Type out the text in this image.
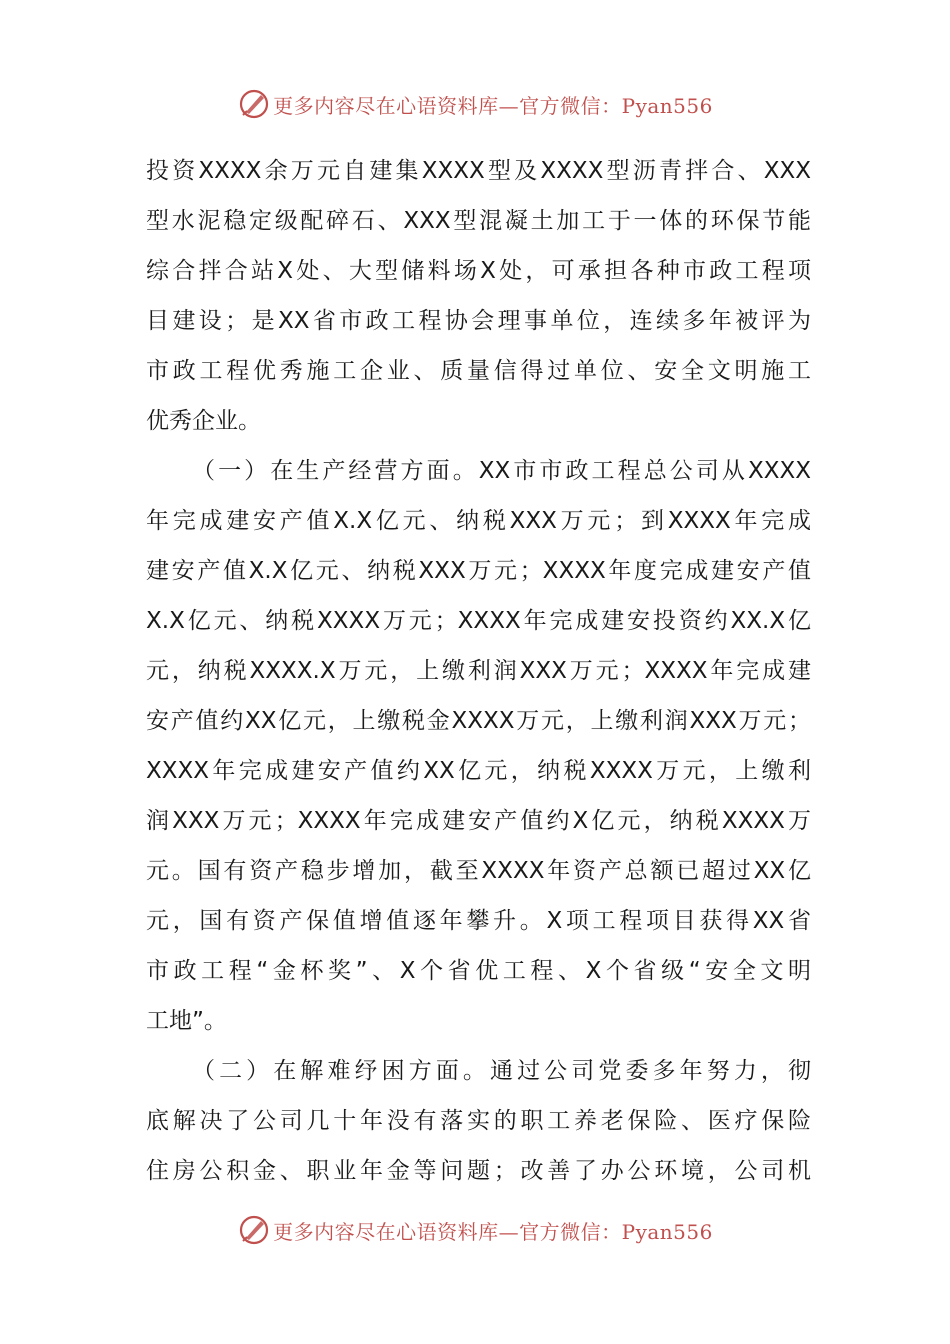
更多内容尽在心语资料库—官方微信：Pyan556
投资XXXX余万元自建集XXXX型及XXXX型沥青拌合、XXX
型水泥稳定级配碎石、XXX型混凝土加工于一体的环保节能
综合拌合站X处、大型储料场X处，可承担各种市政工程项
目建设；是XX省市政工程协会理事单位，连续多年被评为
市政工程优秀施工企业、质量信得过单位、安全文明施工
优秀企业。
（一）在生产经营方面。XX市市政工程总公司从XXXX
年完成建安产值X.X亿元、纳税XXX万元；到XXXX年完成
建安产值X.X亿元、纳税XXX万元；XXXX年度完成建安产值
X.X亿元、纳税XXXX万元；XXXX年完成建安投资约XX.X亿
元，纳税XXXX.X万元，上缴利润XXX万元；XXXX年完成建
安产值约XX亿元，上缴税金XXXX万元，上缴利润XXX万元；
XXXX年完成建安产值约XX亿元，纳税XXXX万元，上缴利
润XXX万元；XXXX年完成建安产值约X亿元，纳税XXXX万
元。国有资产稳步增加，截至XXXX年资产总额已超过XX亿
元，国有资产保值增值逐年攀升。X项工程项目获得XX省
市政工程“金杯奖”、X个省优工程、X个省级“安全文明
工地”。
（二）在解难纾困方面。通过公司党委多年努力，彻
底解决了公司几十年没有落实的职工养老保险、医疗保险
住房公积金、职业年金等问题；改善了办公环境，公司机
更多内容尽在心语资料库—官方微信：Pyan556
